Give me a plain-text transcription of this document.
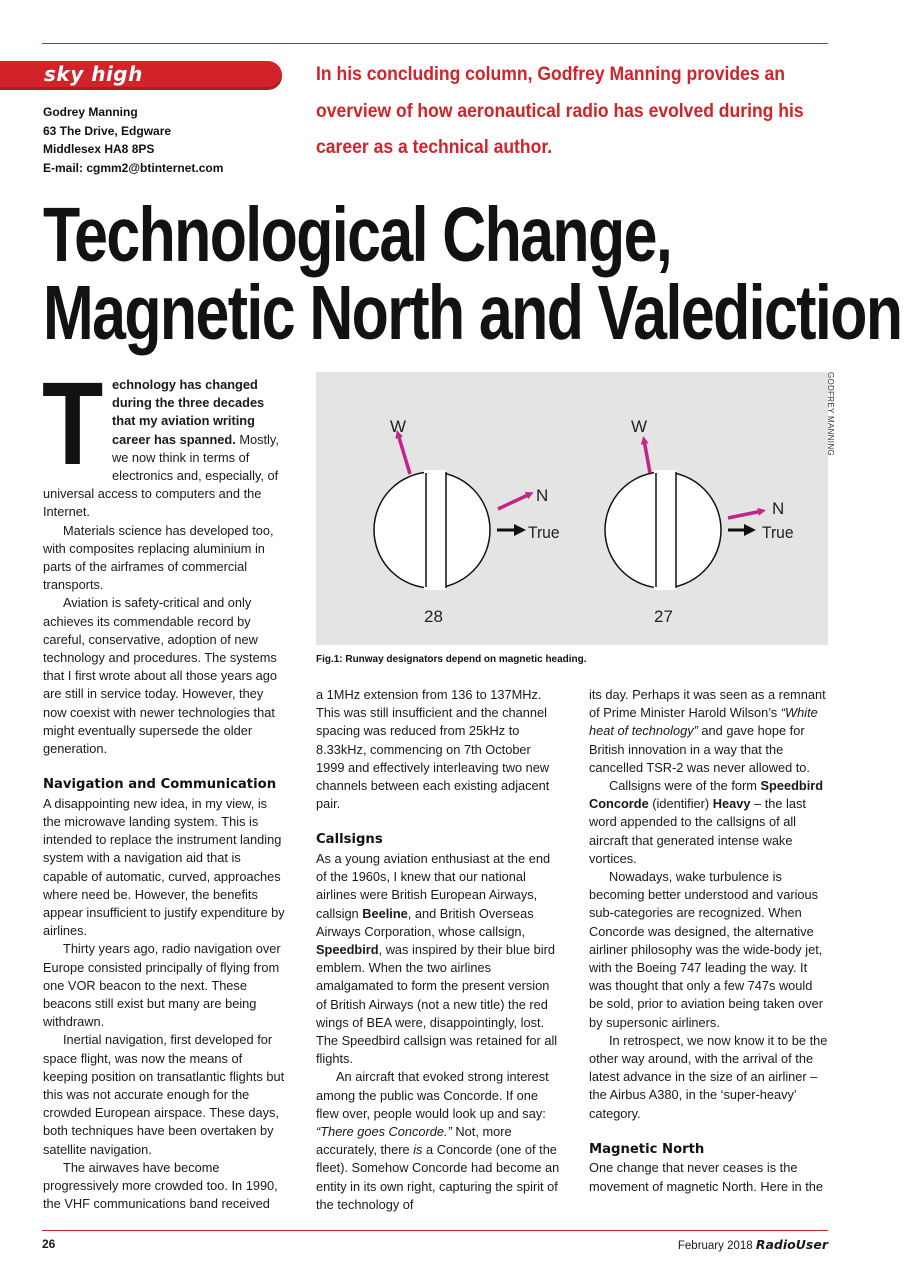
sky high
Godrey Manning
63 The Drive, Edgware
Middlesex HA8 8PS
E-mail: cgmm2@btinternet.com
In his concluding column, Godfrey Manning provides an
overview of how aeronautical radio has evolved during his
career as a technical author.
Technological Change,
Magnetic North and Valediction

Technology has changed during the three decades that my aviation writing career has spanned. Mostly, we now think in terms of electronics and, especially, of universal access to computers and the Internet.

Materials science has developed too, with composites replacing aluminium in parts of the airframes of commercial transports.

Aviation is safety-critical and only achieves its commendable record by careful, conservative, adoption of new technology and procedures. The systems that I first wrote about all those years ago are still in service today. However, they now coexist with newer technologies that might eventually supersede the older generation.

Navigation and Communication

A disappointing new idea, in my view, is the microwave landing system. This is intended to replace the instrument landing system with a navigation aid that is capable of automatic, curved, approaches where need be. However, the benefits appear insufficient to justify expenditure by airlines.

Thirty years ago, radio navigation over Europe consisted principally of flying from one VOR beacon to the next. These beacons still exist but many are being withdrawn.

Inertial navigation, first developed for space flight, was now the means of keeping position on transatlantic flights but this was not accurate enough for the crowded European airspace. These days, both techniques have been overtaken by satellite navigation.

The airwaves have become progressively more crowded too. In 1990, the VHF communications band received

W
N
True
28
W
N
True
27
GODFREY MANNING
Fig.1: Runway designators depend on magnetic heading.

a 1MHz extension from 136 to 137MHz. This was still insufficient and the channel spacing was reduced from 25kHz to 8.33kHz, commencing on 7th October 1999 and effectively interleaving two new channels between each existing adjacent pair.

Callsigns

As a young aviation enthusiast at the end of the 1960s, I knew that our national airlines were British European Airways, callsign Beeline, and British Overseas Airways Corporation, whose callsign, Speedbird, was inspired by their blue bird emblem. When the two airlines amalgamated to form the present version of British Airways (not a new title) the red wings of BEA were, disappointingly, lost. The Speedbird callsign was retained for all flights.

An aircraft that evoked strong interest among the public was Concorde. If one flew over, people would look up and say: “There goes Concorde.” Not, more accurately, there is a Concorde (one of the fleet). Somehow Concorde had become an entity in its own right, capturing the spirit of the technology of

its day. Perhaps it was seen as a remnant of Prime Minister Harold Wilson’s “White heat of technology” and gave hope for British innovation in a way that the cancelled TSR-2 was never allowed to.

Callsigns were of the form Speedbird Concorde (identifier) Heavy – the last word appended to the callsigns of all aircraft that generated intense wake vortices.

Nowadays, wake turbulence is becoming better understood and various sub-categories are recognized. When Concorde was designed, the alternative airliner philosophy was the wide-body jet, with the Boeing 747 leading the way. It was thought that only a few 747s would be sold, prior to aviation being taken over by supersonic airliners.

In retrospect, we now know it to be the other way around, with the arrival of the latest advance in the size of an airliner – the Airbus A380, in the ‘super-heavy’ category.

Magnetic North

One change that never ceases is the movement of magnetic North. Here in the

26	February 2018 RadioUser
